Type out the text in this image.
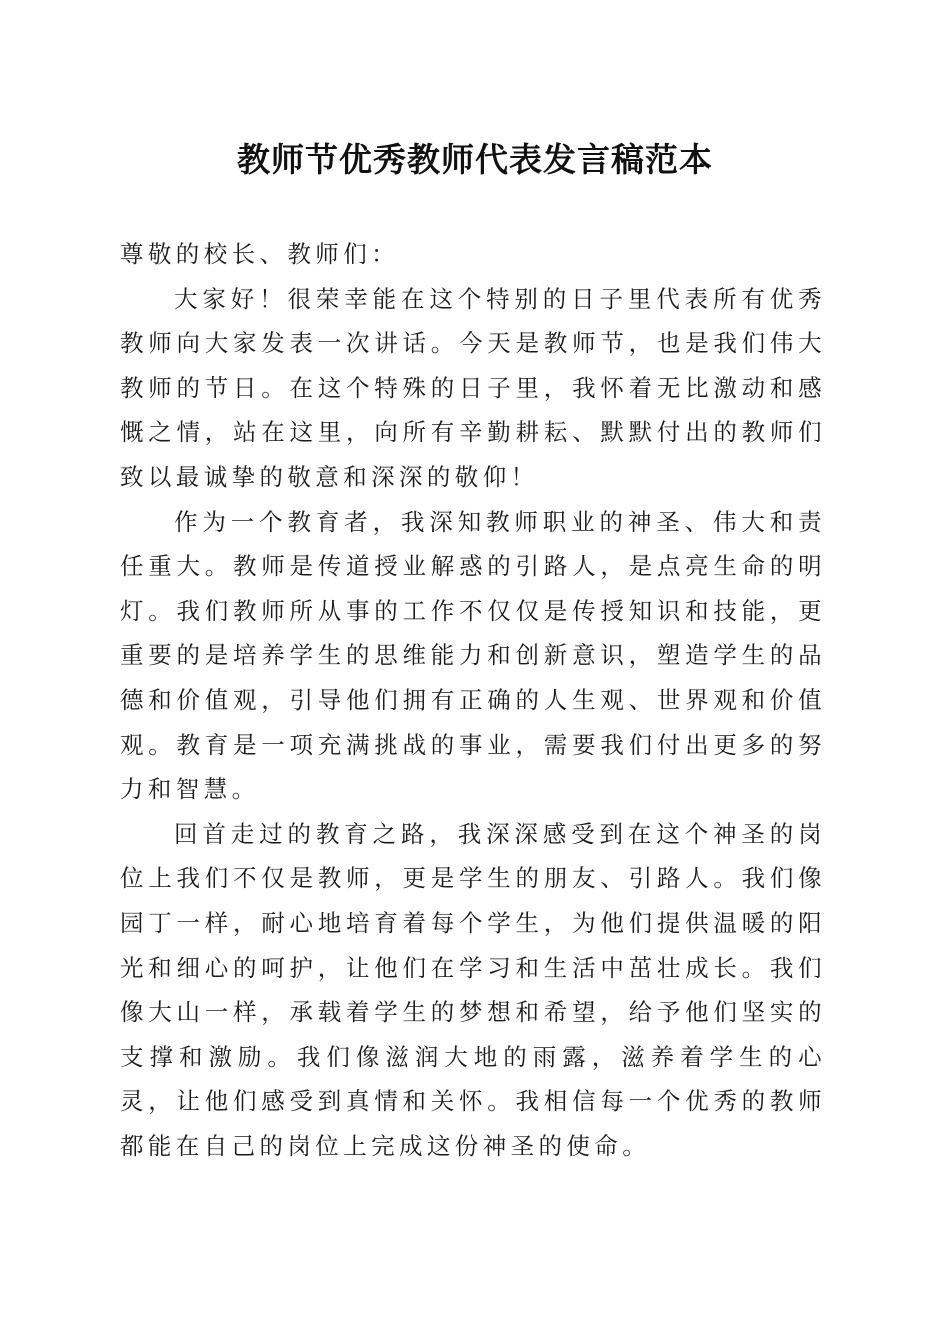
教师节优秀教师代表发言稿范本

尊敬的校长、教师们：

大家好！很荣幸能在这个特别的日子里代表所有优秀教师向大家发表一次讲话。今天是教师节，也是我们伟大教师的节日。在这个特殊的日子里，我怀着无比激动和感慨之情，站在这里，向所有辛勤耕耘、默默付出的教师们致以最诚挚的敬意和深深的敬仰！

作为一个教育者，我深知教师职业的神圣、伟大和责任重大。教师是传道授业解惑的引路人，是点亮生命的明灯。我们教师所从事的工作不仅仅是传授知识和技能，更重要的是培养学生的思维能力和创新意识，塑造学生的品德和价值观，引导他们拥有正确的人生观、世界观和价值观。教育是一项充满挑战的事业，需要我们付出更多的努力和智慧。

回首走过的教育之路，我深深感受到在这个神圣的岗位上我们不仅是教师，更是学生的朋友、引路人。我们像园丁一样，耐心地培育着每个学生，为他们提供温暖的阳光和细心的呵护，让他们在学习和生活中茁壮成长。我们像大山一样，承载着学生的梦想和希望，给予他们坚实的支撑和激励。我们像滋润大地的雨露，滋养着学生的心灵，让他们感受到真情和关怀。我相信每一个优秀的教师都能在自己的岗位上完成这份神圣的使命。
